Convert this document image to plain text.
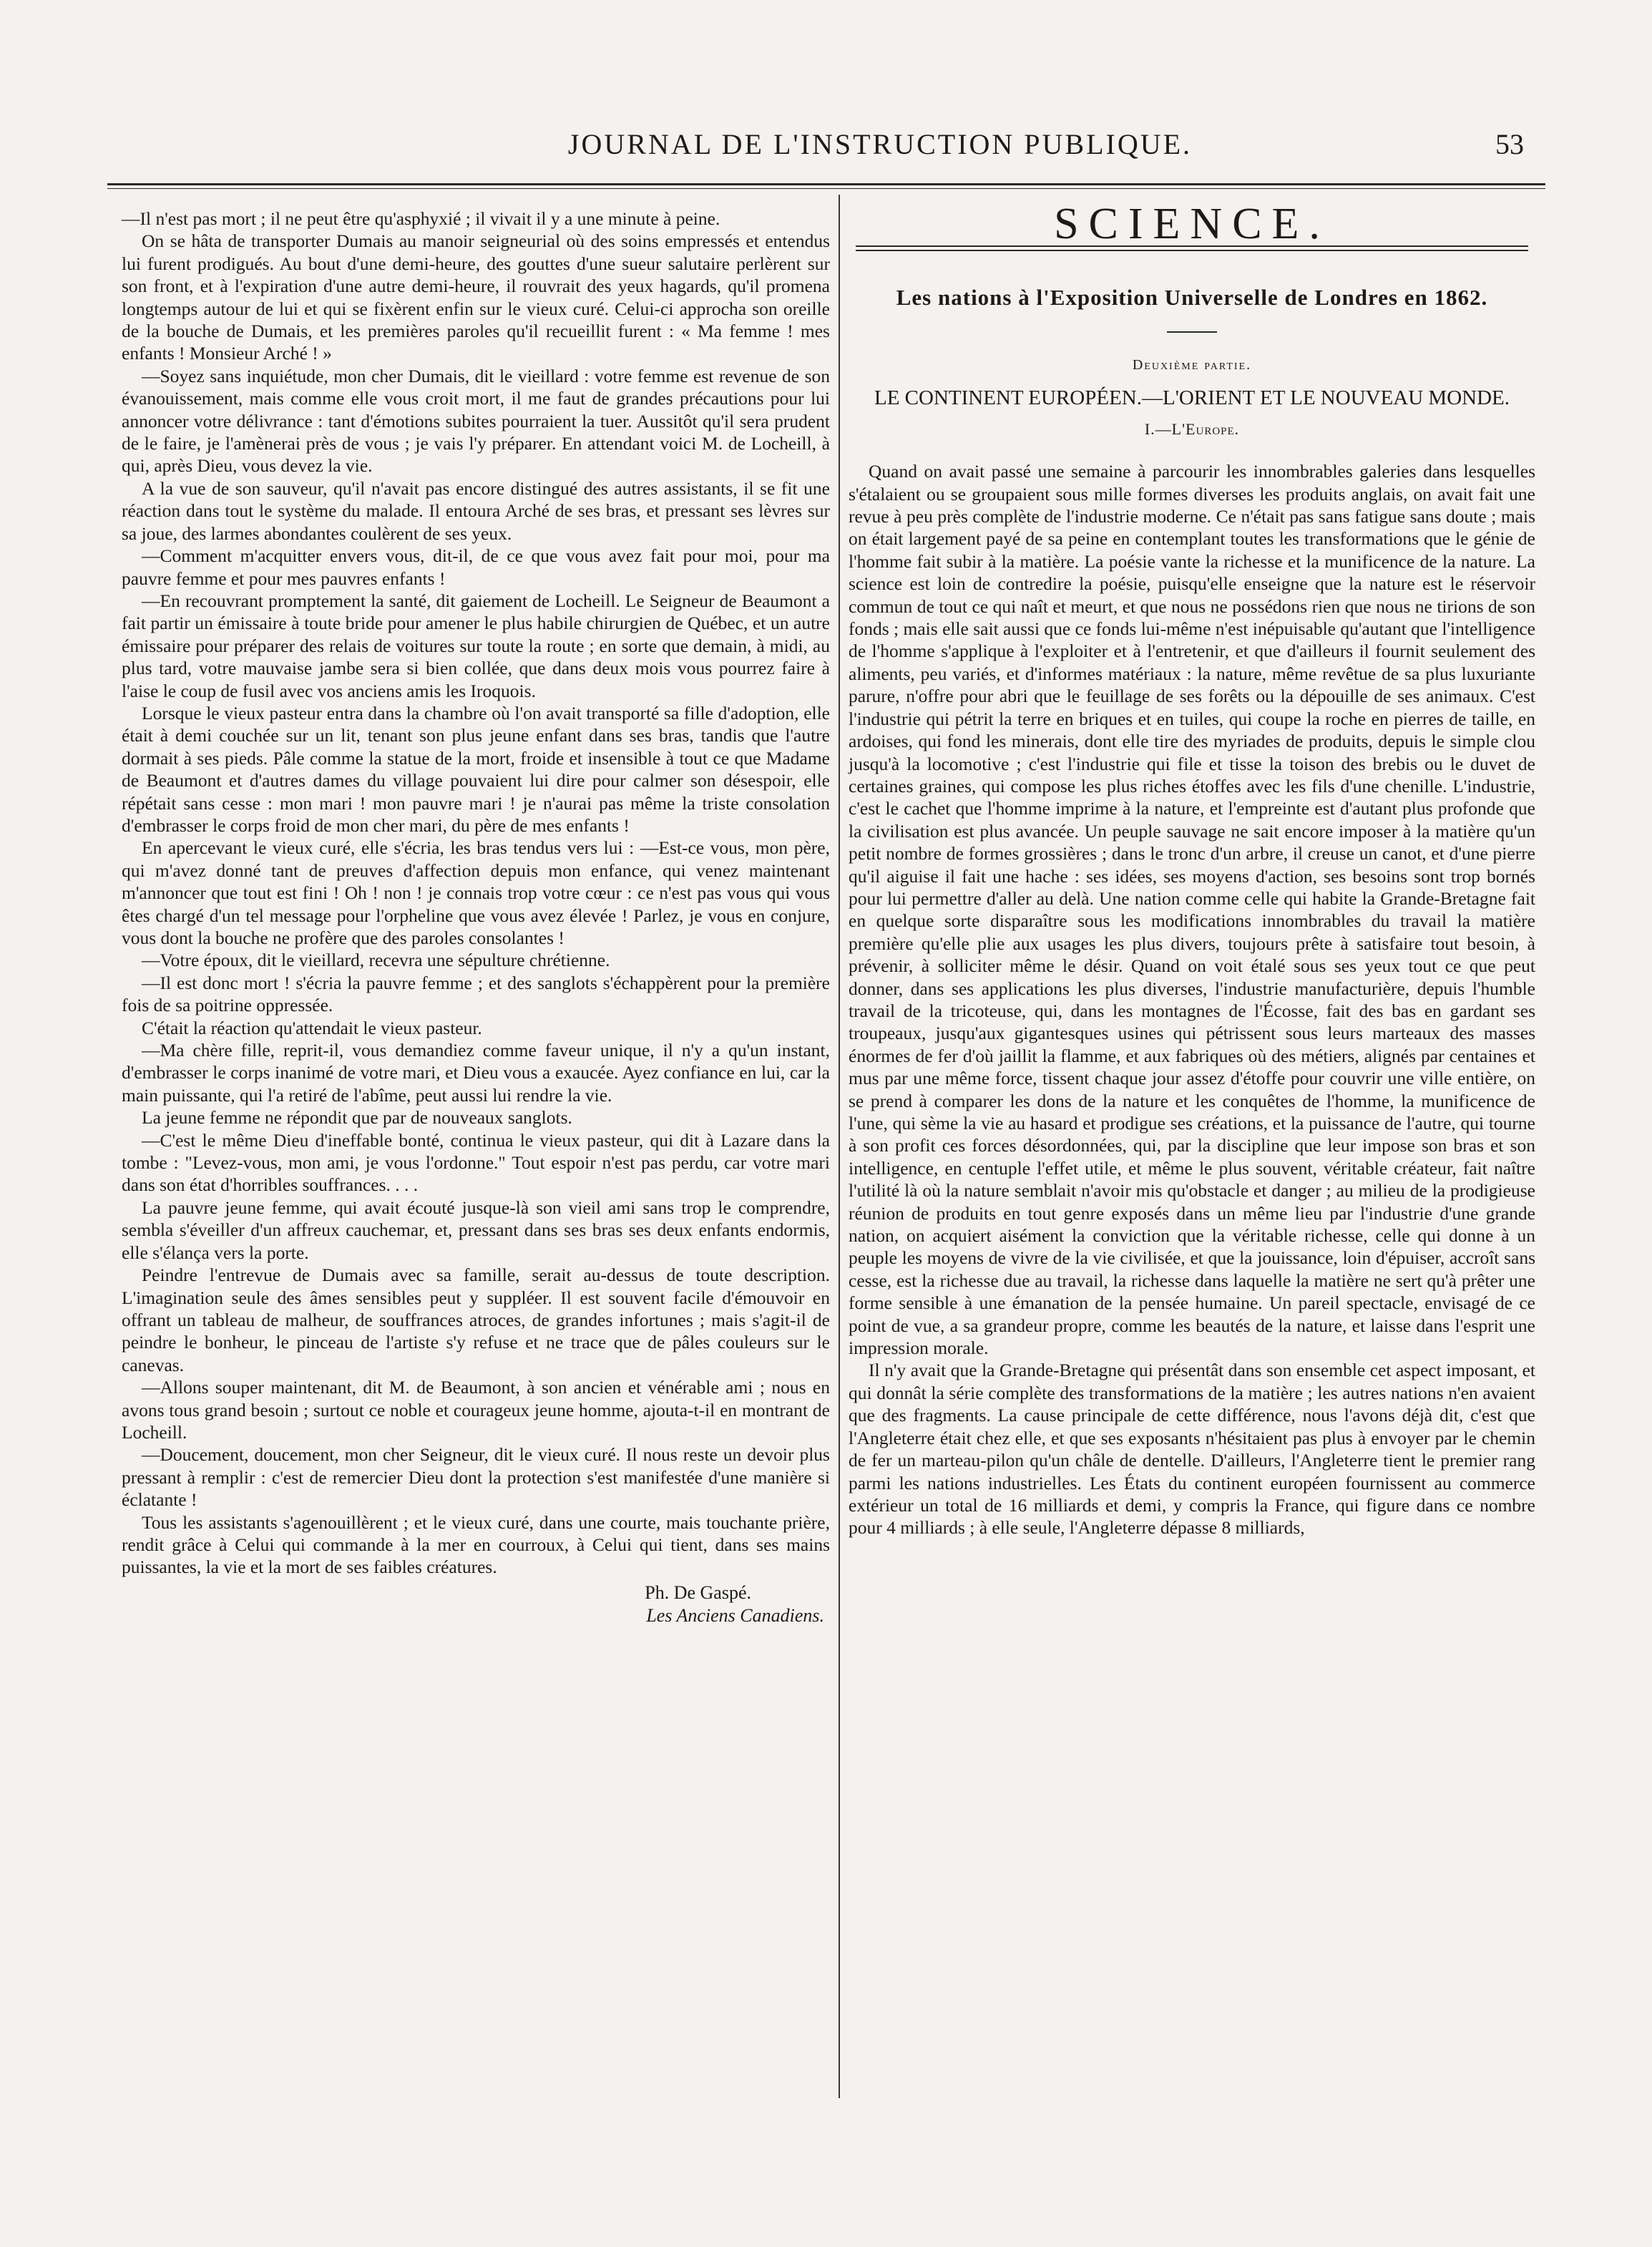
JOURNAL DE L'INSTRUCTION PUBLIQUE.	53

—Il n'est pas mort ; il ne peut être qu'asphyxié ; il vivait il y a une minute à peine.

On se hâta de transporter Dumais au manoir seigneurial où des soins empressés et entendus lui furent prodigués. Au bout d'une demi-heure, des gouttes d'une sueur salutaire perlèrent sur son front, et à l'expiration d'une autre demi-heure, il rouvrait des yeux hagards, qu'il promena longtemps autour de lui et qui se fixèrent enfin sur le vieux curé. Celui-ci approcha son oreille de la bouche de Dumais, et les premières paroles qu'il recueillit furent : « Ma femme ! mes enfants ! Monsieur Arché ! »

—Soyez sans inquiétude, mon cher Dumais, dit le vieillard : votre femme est revenue de son évanouissement, mais comme elle vous croit mort, il me faut de grandes précautions pour lui annoncer votre délivrance : tant d'émotions subites pourraient la tuer. Aussitôt qu'il sera prudent de le faire, je l'amènerai près de vous ; je vais l'y préparer. En attendant voici M. de Locheill, à qui, après Dieu, vous devez la vie.

A la vue de son sauveur, qu'il n'avait pas encore distingué des autres assistants, il se fit une réaction dans tout le système du malade. Il entoura Arché de ses bras, et pressant ses lèvres sur sa joue, des larmes abondantes coulèrent de ses yeux.

—Comment m'acquitter envers vous, dit-il, de ce que vous avez fait pour moi, pour ma pauvre femme et pour mes pauvres enfants !

—En recouvrant promptement la santé, dit gaiement de Locheill. Le Seigneur de Beaumont a fait partir un émissaire à toute bride pour amener le plus habile chirurgien de Québec, et un autre émissaire pour préparer des relais de voitures sur toute la route ; en sorte que demain, à midi, au plus tard, votre mauvaise jambe sera si bien collée, que dans deux mois vous pourrez faire à l'aise le coup de fusil avec vos anciens amis les Iroquois.

Lorsque le vieux pasteur entra dans la chambre où l'on avait transporté sa fille d'adoption, elle était à demi couchée sur un lit, tenant son plus jeune enfant dans ses bras, tandis que l'autre dormait à ses pieds. Pâle comme la statue de la mort, froide et insensible à tout ce que Madame de Beaumont et d'autres dames du village pouvaient lui dire pour calmer son désespoir, elle répétait sans cesse : mon mari ! mon pauvre mari ! je n'aurai pas même la triste consolation d'embrasser le corps froid de mon cher mari, du père de mes enfants !

En apercevant le vieux curé, elle s'écria, les bras tendus vers lui : —Est-ce vous, mon père, qui m'avez donné tant de preuves d'affection depuis mon enfance, qui venez maintenant m'annoncer que tout est fini ! Oh ! non ! je connais trop votre cœur : ce n'est pas vous qui vous êtes chargé d'un tel message pour l'orpheline que vous avez élevée ! Parlez, je vous en conjure, vous dont la bouche ne profère que des paroles consolantes !

—Votre époux, dit le vieillard, recevra une sépulture chrétienne.

—Il est donc mort ! s'écria la pauvre femme ; et des sanglots s'échappèrent pour la première fois de sa poitrine oppressée.

C'était la réaction qu'attendait le vieux pasteur.

—Ma chère fille, reprit-il, vous demandiez comme faveur unique, il n'y a qu'un instant, d'embrasser le corps inanimé de votre mari, et Dieu vous a exaucée. Ayez confiance en lui, car la main puissante, qui l'a retiré de l'abîme, peut aussi lui rendre la vie.

La jeune femme ne répondit que par de nouveaux sanglots.

—C'est le même Dieu d'ineffable bonté, continua le vieux pasteur, qui dit à Lazare dans la tombe : "Levez-vous, mon ami, je vous l'ordonne." Tout espoir n'est pas perdu, car votre mari dans son état d'horribles souffrances. . . .

La pauvre jeune femme, qui avait écouté jusque-là son vieil ami sans trop le comprendre, sembla s'éveiller d'un affreux cauchemar, et, pressant dans ses bras ses deux enfants endormis, elle s'élança vers la porte.

Peindre l'entrevue de Dumais avec sa famille, serait au-dessus de toute description. L'imagination seule des âmes sensibles peut y suppléer. Il est souvent facile d'émouvoir en offrant un tableau de malheur, de souffrances atroces, de grandes infortunes ; mais s'agit-il de peindre le bonheur, le pinceau de l'artiste s'y refuse et ne trace que de pâles couleurs sur le canevas.

—Allons souper maintenant, dit M. de Beaumont, à son ancien et vénérable ami ; nous en avons tous grand besoin ; surtout ce noble et courageux jeune homme, ajouta-t-il en montrant de Locheill.

—Doucement, doucement, mon cher Seigneur, dit le vieux curé. Il nous reste un devoir plus pressant à remplir : c'est de remercier Dieu dont la protection s'est manifestée d'une manière si éclatante !

Tous les assistants s'agenouillèrent ; et le vieux curé, dans une courte, mais touchante prière, rendit grâce à Celui qui commande à la mer en courroux, à Celui qui tient, dans ses mains puissantes, la vie et la mort de ses faibles créatures.

Ph. De Gaspé.
Les Anciens Canadiens.
SCIENCE.
Les nations à l'Exposition Universelle de Londres en 1862.
Deuxième partie.
LE CONTINENT EUROPÉEN.—L'ORIENT ET LE NOUVEAU MONDE.
I.—L'Europe.

Quand on avait passé une semaine à parcourir les innombrables galeries dans lesquelles s'étalaient ou se groupaient sous mille formes diverses les produits anglais, on avait fait une revue à peu près complète de l'industrie moderne. Ce n'était pas sans fatigue sans doute ; mais on était largement payé de sa peine en contemplant toutes les transformations que le génie de l'homme fait subir à la matière. La poésie vante la richesse et la munificence de la nature. La science est loin de contredire la poésie, puisqu'elle enseigne que la nature est le réservoir commun de tout ce qui naît et meurt, et que nous ne possédons rien que nous ne tirions de son fonds ; mais elle sait aussi que ce fonds lui-même n'est inépuisable qu'autant que l'intelligence de l'homme s'applique à l'exploiter et à l'entretenir, et que d'ailleurs il fournit seulement des aliments, peu variés, et d'informes matériaux : la nature, même revêtue de sa plus luxuriante parure, n'offre pour abri que le feuillage de ses forêts ou la dépouille de ses animaux. C'est l'industrie qui pétrit la terre en briques et en tuiles, qui coupe la roche en pierres de taille, en ardoises, qui fond les minerais, dont elle tire des myriades de produits, depuis le simple clou jusqu'à la locomotive ; c'est l'industrie qui file et tisse la toison des brebis ou le duvet de certaines graines, qui compose les plus riches étoffes avec les fils d'une chenille. L'industrie, c'est le cachet que l'homme imprime à la nature, et l'empreinte est d'autant plus profonde que la civilisation est plus avancée. Un peuple sauvage ne sait encore imposer à la matière qu'un petit nombre de formes grossières ; dans le tronc d'un arbre, il creuse un canot, et d'une pierre qu'il aiguise il fait une hache : ses idées, ses moyens d'action, ses besoins sont trop bornés pour lui permettre d'aller au delà. Une nation comme celle qui habite la Grande-Bretagne fait en quelque sorte disparaître sous les modifications innombrables du travail la matière première qu'elle plie aux usages les plus divers, toujours prête à satisfaire tout besoin, à prévenir, à solliciter même le désir. Quand on voit étalé sous ses yeux tout ce que peut donner, dans ses applications les plus diverses, l'industrie manufacturière, depuis l'humble travail de la tricoteuse, qui, dans les montagnes de l'Écosse, fait des bas en gardant ses troupeaux, jusqu'aux gigantesques usines qui pétrissent sous leurs marteaux des masses énormes de fer d'où jaillit la flamme, et aux fabriques où des métiers, alignés par centaines et mus par une même force, tissent chaque jour assez d'étoffe pour couvrir une ville entière, on se prend à comparer les dons de la nature et les conquêtes de l'homme, la munificence de l'une, qui sème la vie au hasard et prodigue ses créations, et la puissance de l'autre, qui tourne à son profit ces forces désordonnées, qui, par la discipline que leur impose son bras et son intelligence, en centuple l'effet utile, et même le plus souvent, véritable créateur, fait naître l'utilité là où la nature semblait n'avoir mis qu'obstacle et danger ; au milieu de la prodigieuse réunion de produits en tout genre exposés dans un même lieu par l'industrie d'une grande nation, on acquiert aisément la conviction que la véritable richesse, celle qui donne à un peuple les moyens de vivre de la vie civilisée, et que la jouissance, loin d'épuiser, accroît sans cesse, est la richesse due au travail, la richesse dans laquelle la matière ne sert qu'à prêter une forme sensible à une émanation de la pensée humaine. Un pareil spectacle, envisagé de ce point de vue, a sa grandeur propre, comme les beautés de la nature, et laisse dans l'esprit une impression morale.

Il n'y avait que la Grande-Bretagne qui présentât dans son ensemble cet aspect imposant, et qui donnât la série complète des transformations de la matière ; les autres nations n'en avaient que des fragments. La cause principale de cette différence, nous l'avons déjà dit, c'est que l'Angleterre était chez elle, et que ses exposants n'hésitaient pas plus à envoyer par le chemin de fer un marteau-pilon qu'un châle de dentelle. D'ailleurs, l'Angleterre tient le premier rang parmi les nations industrielles. Les États du continent européen fournissent au commerce extérieur un total de 16 milliards et demi, y compris la France, qui figure dans ce nombre pour 4 milliards ; à elle seule, l'Angleterre dépasse 8 milliards,
